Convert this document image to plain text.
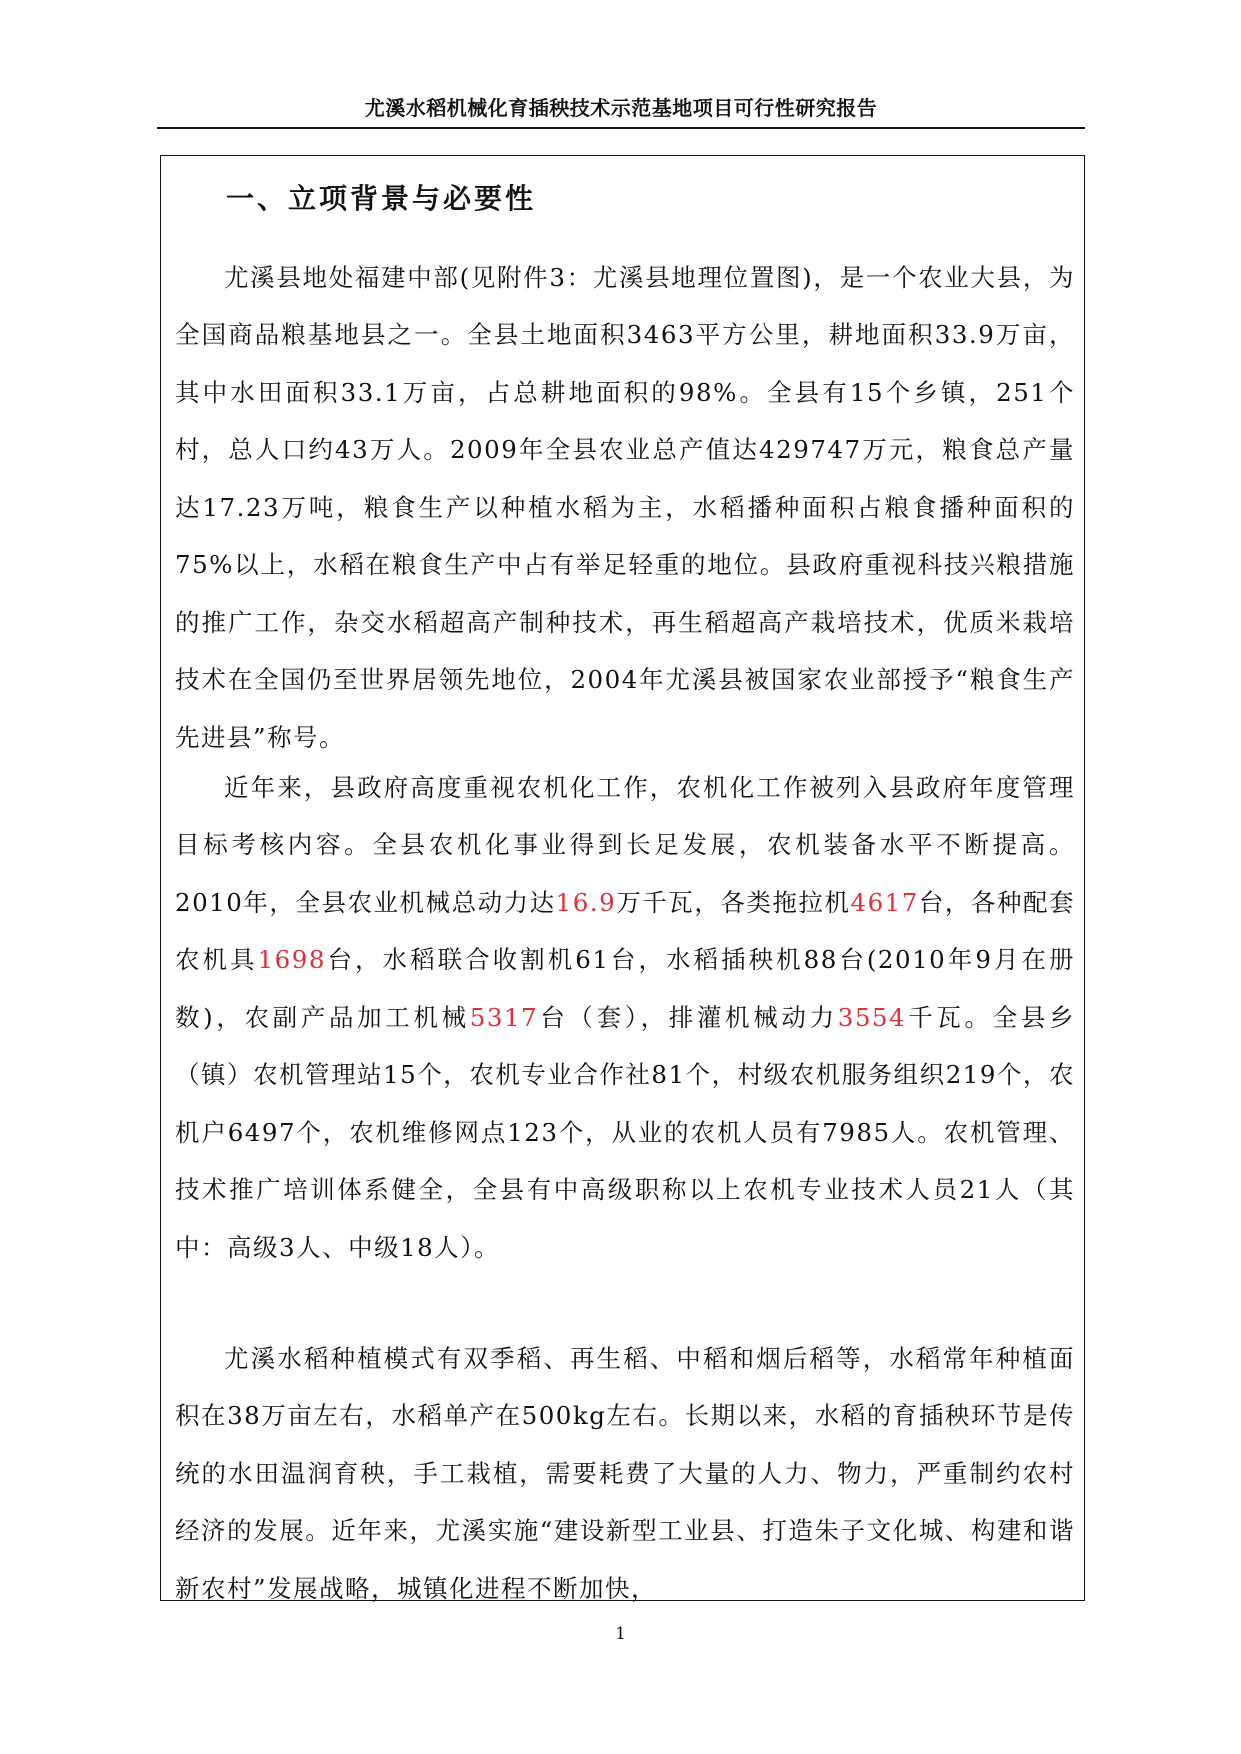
尤溪水稻机械化育插秧技术示范基地项目可行性研究报告
一、立项背景与必要性

尤溪县地处福建中部(见附件3：尤溪县地理位置图)，是一个农业大县，为全国商品粮基地县之一。全县土地面积3463平方公里，耕地面积33.9万亩，其中水田面积33.1万亩，占总耕地面积的98%。全县有15个乡镇，251个村，总人口约43万人。2009年全县农业总产值达429747万元，粮食总产量达17.23万吨，粮食生产以种植水稻为主，水稻播种面积占粮食播种面积的75%以上，水稻在粮食生产中占有举足轻重的地位。县政府重视科技兴粮措施的推广工作，杂交水稻超高产制种技术，再生稻超高产栽培技术，优质米栽培技术在全国仍至世界居领先地位，2004年尤溪县被国家农业部授予“粮食生产先进县”称号。

近年来，县政府高度重视农机化工作，农机化工作被列入县政府年度管理目标考核内容。全县农机化事业得到长足发展，农机装备水平不断提高。2010年，全县农业机械总动力达16.9万千瓦，各类拖拉机4617台，各种配套农机具1698台，水稻联合收割机61台，水稻插秧机88台(2010年9月在册数)，农副产品加工机械5317台（套），排灌机械动力3554千瓦。全县乡（镇）农机管理站15个，农机专业合作社81个，村级农机服务组织219个，农机户6497个，农机维修网点123个，从业的农机人员有7985人。农机管理、技术推广培训体系健全，全县有中高级职称以上农机专业技术人员21人（其中：高级3人、中级18人）。

尤溪水稻种植模式有双季稻、再生稻、中稻和烟后稻等，水稻常年种植面积在38万亩左右，水稻单产在500kg左右。长期以来，水稻的育插秧环节是传统的水田温润育秧，手工栽植，需要耗费了大量的人力、物力，严重制约农村经济的发展。近年来，尤溪实施“建设新型工业县、打造朱子文化城、构建和谐新农村”发展战略，城镇化进程不断加快，

1
